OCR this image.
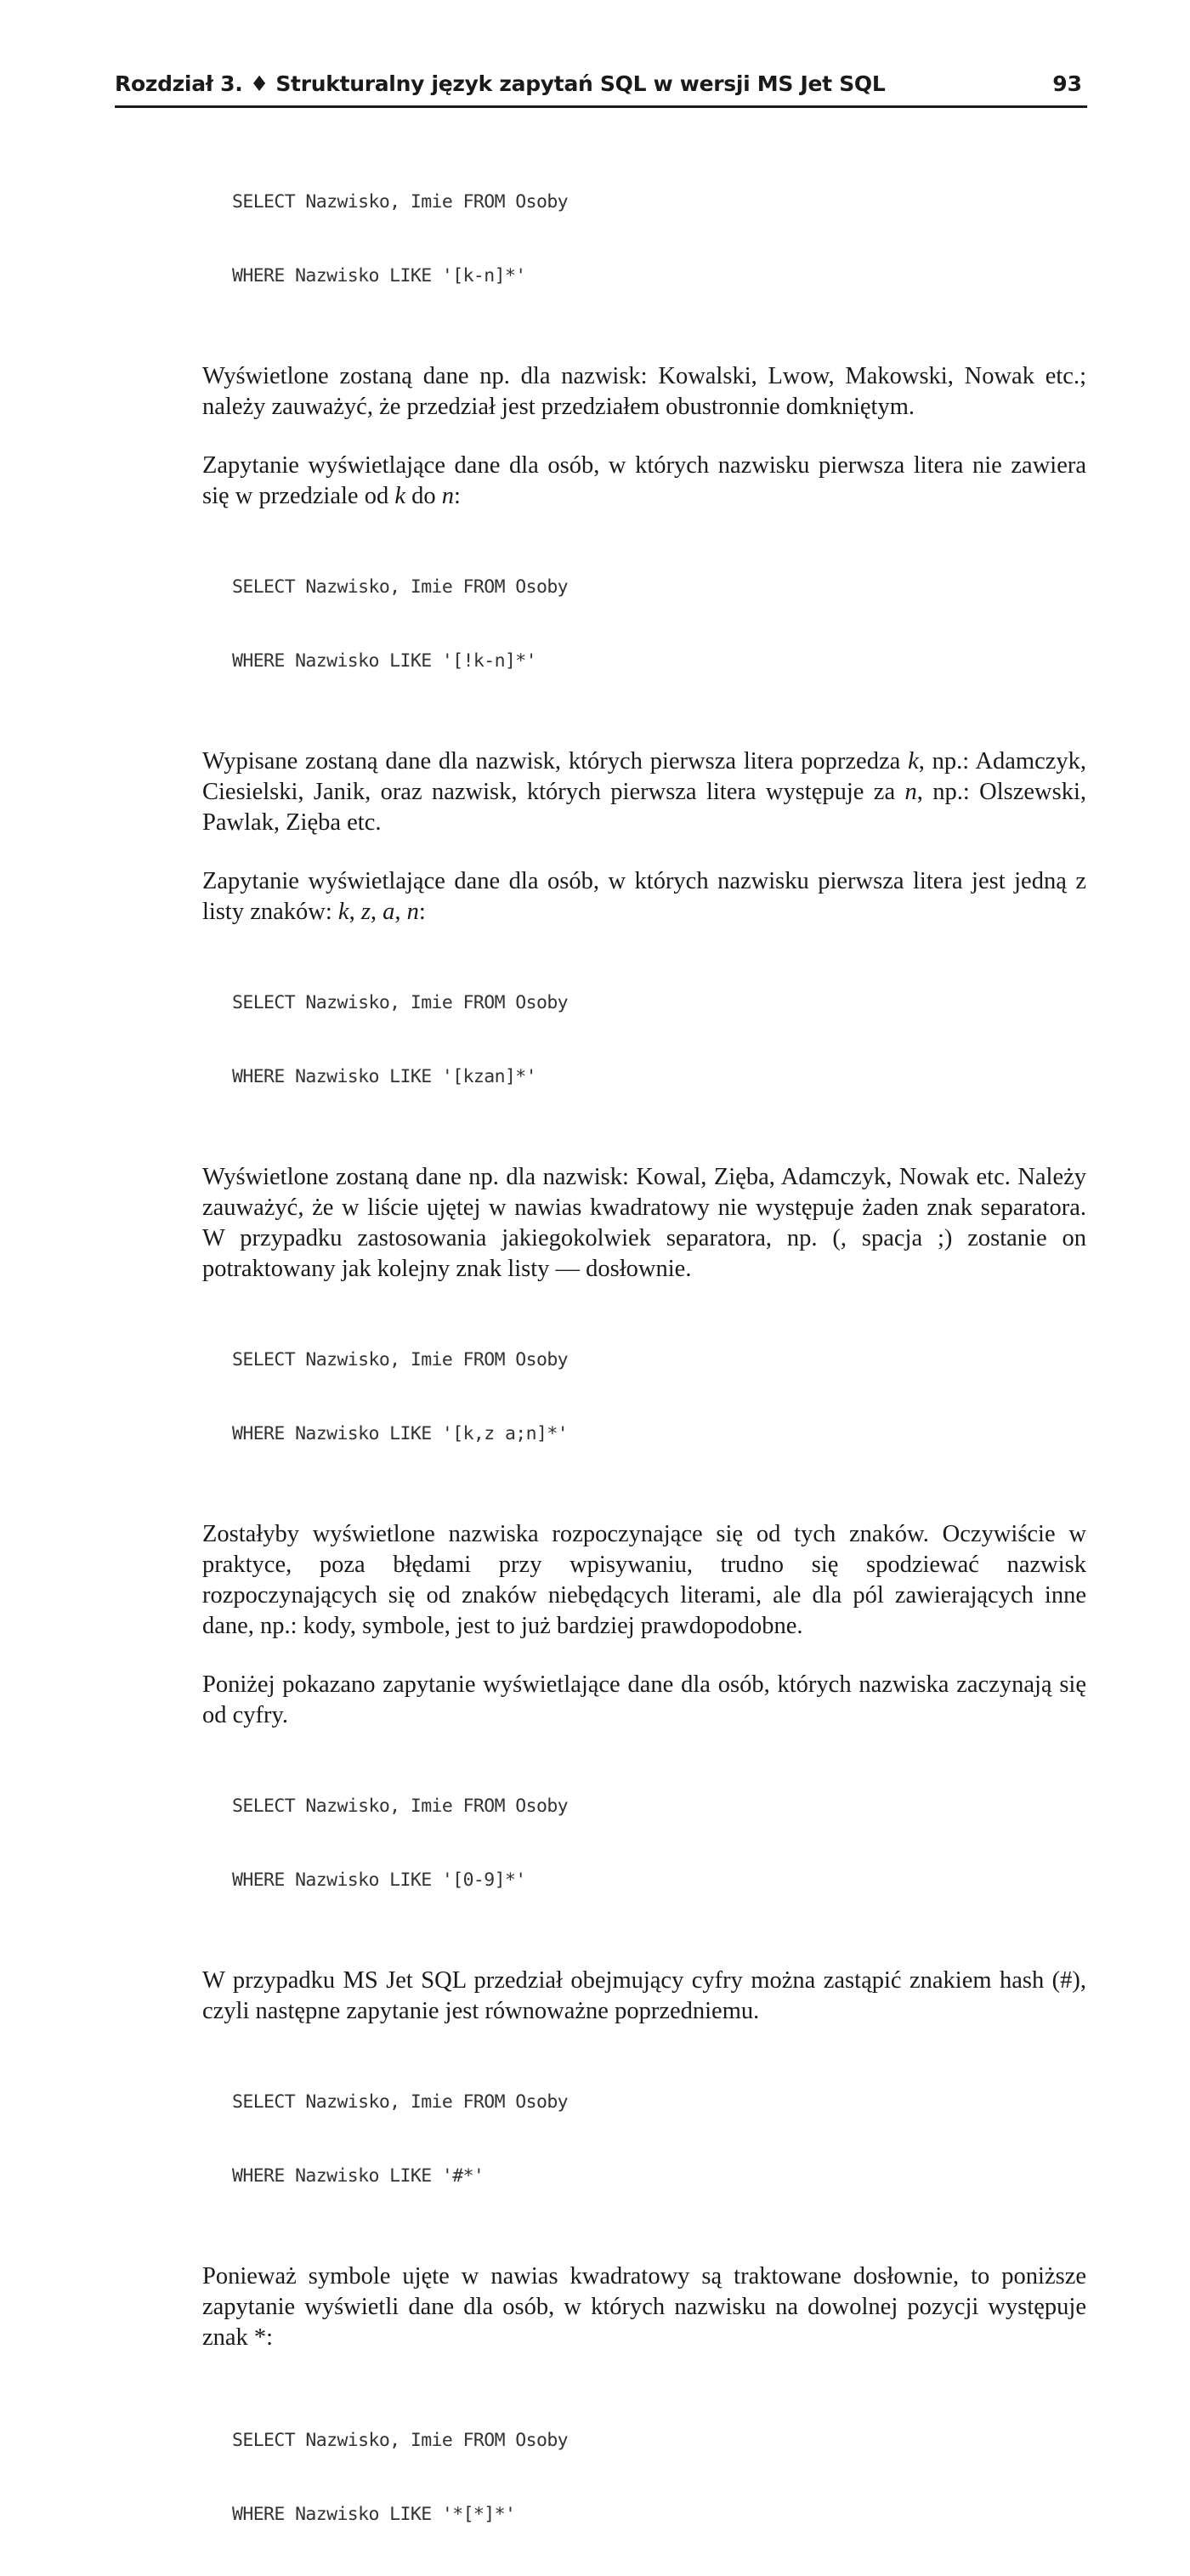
Rozdział 3. ♦ Strukturalny język zapytań SQL w wersji MS Jet SQL	93

SELECT Nazwisko, Imie FROM Osoby

WHERE Nazwisko LIKE '[k-n]*'

Wyświetlone zostaną dane np. dla nazwisk: Kowalski, Lwow, Makowski, Nowak etc.; należy zauważyć, że przedział jest przedziałem obustronnie domkniętym.

Zapytanie wyświetlające dane dla osób, w których nazwisku pierwsza litera nie zawiera się w przedziale od k do n:

SELECT Nazwisko, Imie FROM Osoby

WHERE Nazwisko LIKE '[!k-n]*'

Wypisane zostaną dane dla nazwisk, których pierwsza litera poprzedza k, np.: Adamczyk, Ciesielski, Janik, oraz nazwisk, których pierwsza litera występuje za n, np.: Olszewski, Pawlak, Zięba etc.

Zapytanie wyświetlające dane dla osób, w których nazwisku pierwsza litera jest jedną z listy znaków: k, z, a, n:

SELECT Nazwisko, Imie FROM Osoby

WHERE Nazwisko LIKE '[kzan]*'

Wyświetlone zostaną dane np. dla nazwisk: Kowal, Zięba, Adamczyk, Nowak etc. Należy zauważyć, że w liście ujętej w nawias kwadratowy nie występuje żaden znak separatora. W przypadku zastosowania jakiegokolwiek separatora, np. (, spacja ;) zostanie on potraktowany jak kolejny znak listy — dosłownie.

SELECT Nazwisko, Imie FROM Osoby

WHERE Nazwisko LIKE '[k,z a;n]*'

Zostałyby wyświetlone nazwiska rozpoczynające się od tych znaków. Oczywiście w praktyce, poza błędami przy wpisywaniu, trudno się spodziewać nazwisk rozpoczynających się od znaków niebędących literami, ale dla pól zawierających inne dane, np.: kody, symbole, jest to już bardziej prawdopodobne.

Poniżej pokazano zapytanie wyświetlające dane dla osób, których nazwiska zaczynają się od cyfry.

SELECT Nazwisko, Imie FROM Osoby

WHERE Nazwisko LIKE '[0-9]*'

W przypadku MS Jet SQL przedział obejmujący cyfry można zastąpić znakiem hash (#), czyli następne zapytanie jest równoważne poprzedniemu.

SELECT Nazwisko, Imie FROM Osoby

WHERE Nazwisko LIKE '#*'

Ponieważ symbole ujęte w nawias kwadratowy są traktowane dosłownie, to poniższe zapytanie wyświetli dane dla osób, w których nazwisku na dowolnej pozycji występuje znak *:

SELECT Nazwisko, Imie FROM Osoby

WHERE Nazwisko LIKE '*[*]*'
